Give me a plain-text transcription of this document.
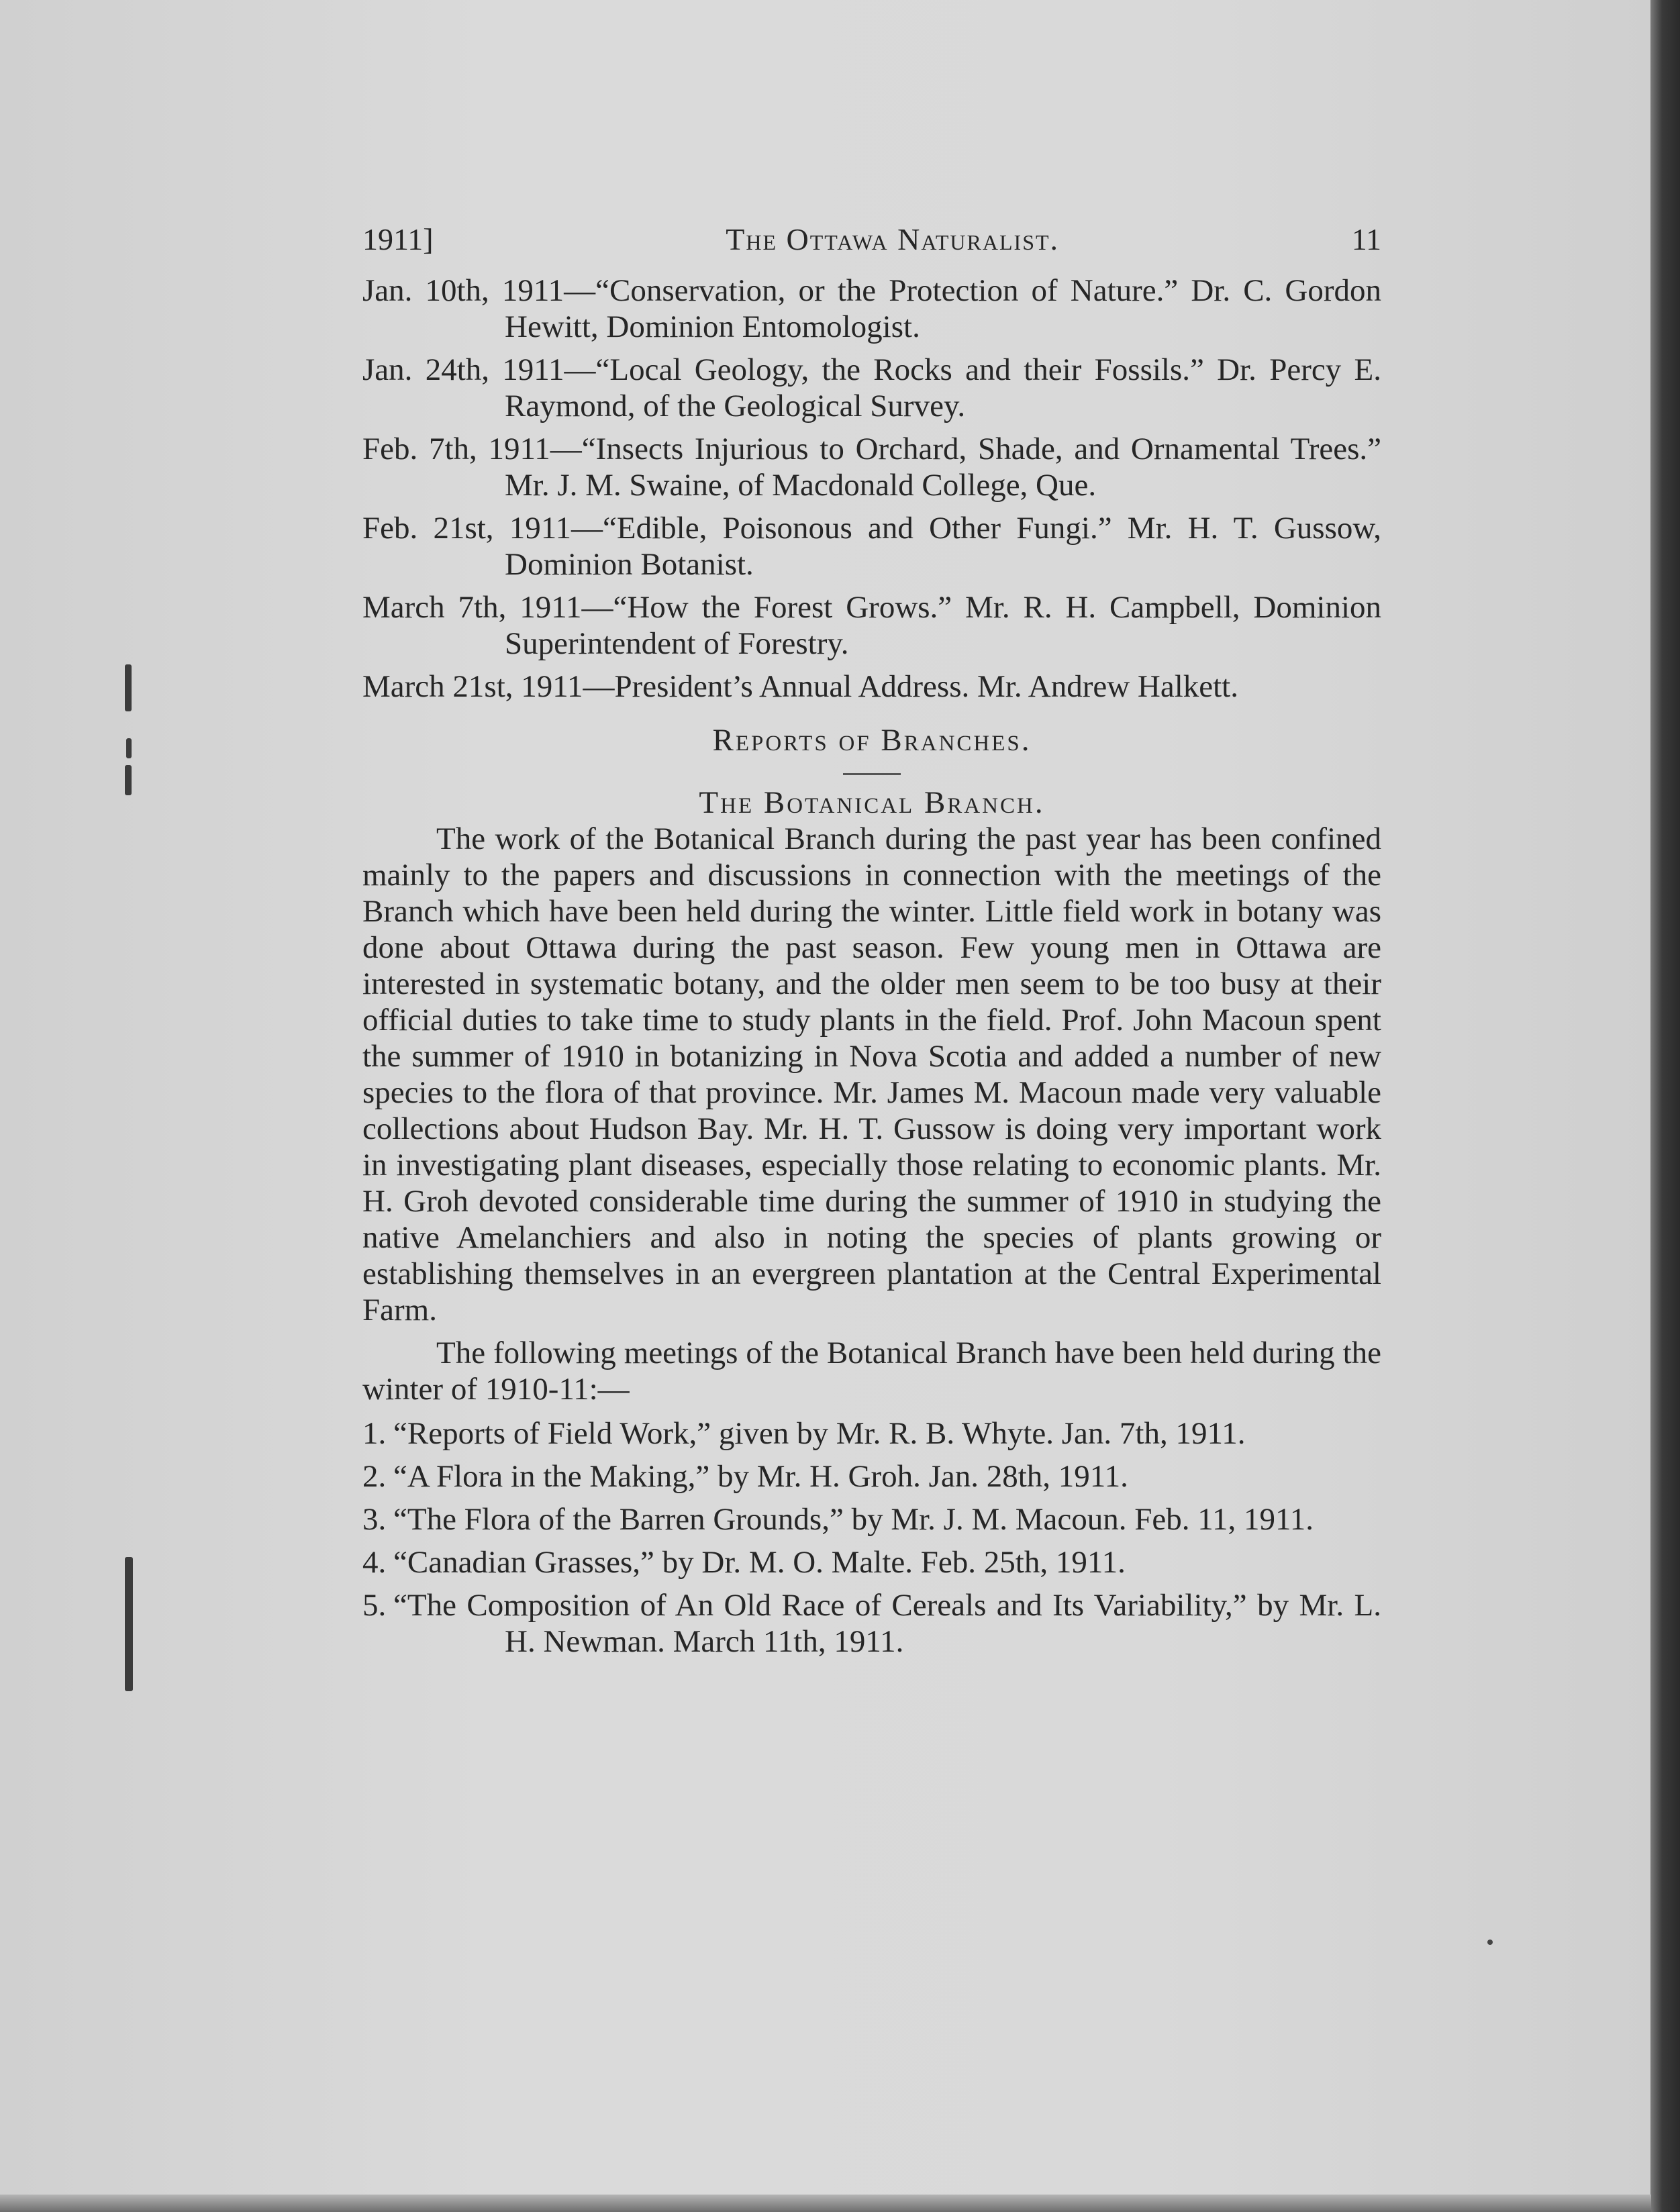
1911]	The Ottawa Naturalist.	11
Jan. 10th, 1911—“Conservation, or the Protection of Nature.” Dr. C. Gordon Hewitt, Dominion Entomologist.
Jan. 24th, 1911—“Local Geology, the Rocks and their Fossils.” Dr. Percy E. Raymond, of the Geological Survey.
Feb. 7th, 1911—“Insects Injurious to Orchard, Shade, and Ornamental Trees.” Mr. J. M. Swaine, of Macdonald College, Que.
Feb. 21st, 1911—“Edible, Poisonous and Other Fungi.” Mr. H. T. Gussow, Dominion Botanist.
March 7th, 1911—“How the Forest Grows.” Mr. R. H. Campbell, Dominion Superintendent of Forestry.
March 21st, 1911—President’s Annual Address. Mr. Andrew Halkett.
Reports of Branches.
The Botanical Branch.

The work of the Botanical Branch during the past year has been confined mainly to the papers and discussions in connection with the meetings of the Branch which have been held during the winter. Little field work in botany was done about Ottawa during the past season. Few young men in Ottawa are interested in systematic botany, and the older men seem to be too busy at their official duties to take time to study plants in the field. Prof. John Macoun spent the summer of 1910 in botanizing in Nova Scotia and added a number of new species to the flora of that province. Mr. James M. Macoun made very valuable collections about Hudson Bay. Mr. H. T. Gussow is doing very important work in investigating plant diseases, especially those relating to economic plants. Mr. H. Groh devoted considerable time during the summer of 1910 in studying the native Amelanchiers and also in noting the species of plants growing or establishing themselves in an evergreen plantation at the Central Experimental Farm.

The following meetings of the Botanical Branch have been held during the winter of 1910-11:—

1. “Reports of Field Work,” given by Mr. R. B. Whyte. Jan. 7th, 1911.
2. “A Flora in the Making,” by Mr. H. Groh. Jan. 28th, 1911.
3. “The Flora of the Barren Grounds,” by Mr. J. M. Macoun. Feb. 11, 1911.
4. “Canadian Grasses,” by Dr. M. O. Malte. Feb. 25th, 1911.
5. “The Composition of An Old Race of Cereals and Its Variability,” by Mr. L. H. Newman. March 11th, 1911.
